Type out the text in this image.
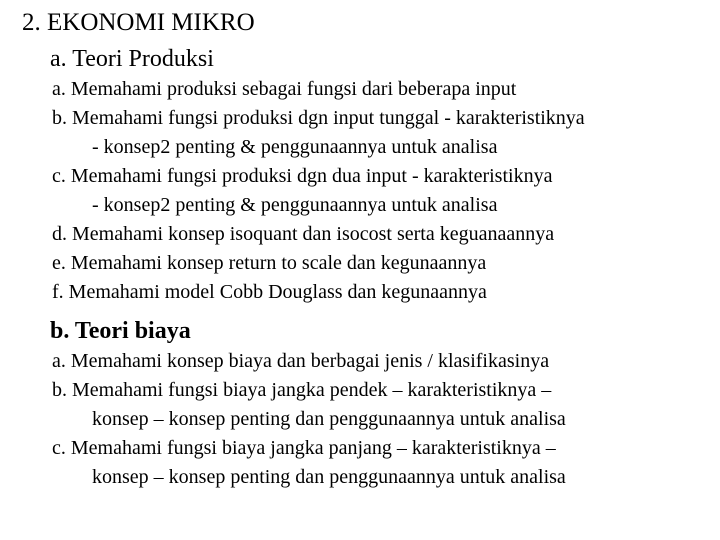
2. EKONOMI MIKRO
a. Teori Produksi
a. Memahami produksi sebagai fungsi dari beberapa input
b. Memahami fungsi produksi dgn input tunggal - karakteristiknya
- konsep2 penting & penggunaannya untuk analisa
c. Memahami fungsi produksi dgn dua input - karakteristiknya
- konsep2 penting & penggunaannya untuk analisa
d. Memahami konsep isoquant dan isocost serta keguanaannya
e. Memahami konsep return to scale dan kegunaannya
f. Memahami model Cobb Douglass dan kegunaannya
b. Teori biaya
a. Memahami konsep biaya dan berbagai jenis / klasifikasinya
b. Memahami fungsi biaya jangka pendek – karakteristiknya –
konsep – konsep penting dan penggunaannya untuk analisa
c. Memahami fungsi biaya jangka panjang – karakteristiknya –
konsep – konsep penting dan penggunaannya untuk analisa
